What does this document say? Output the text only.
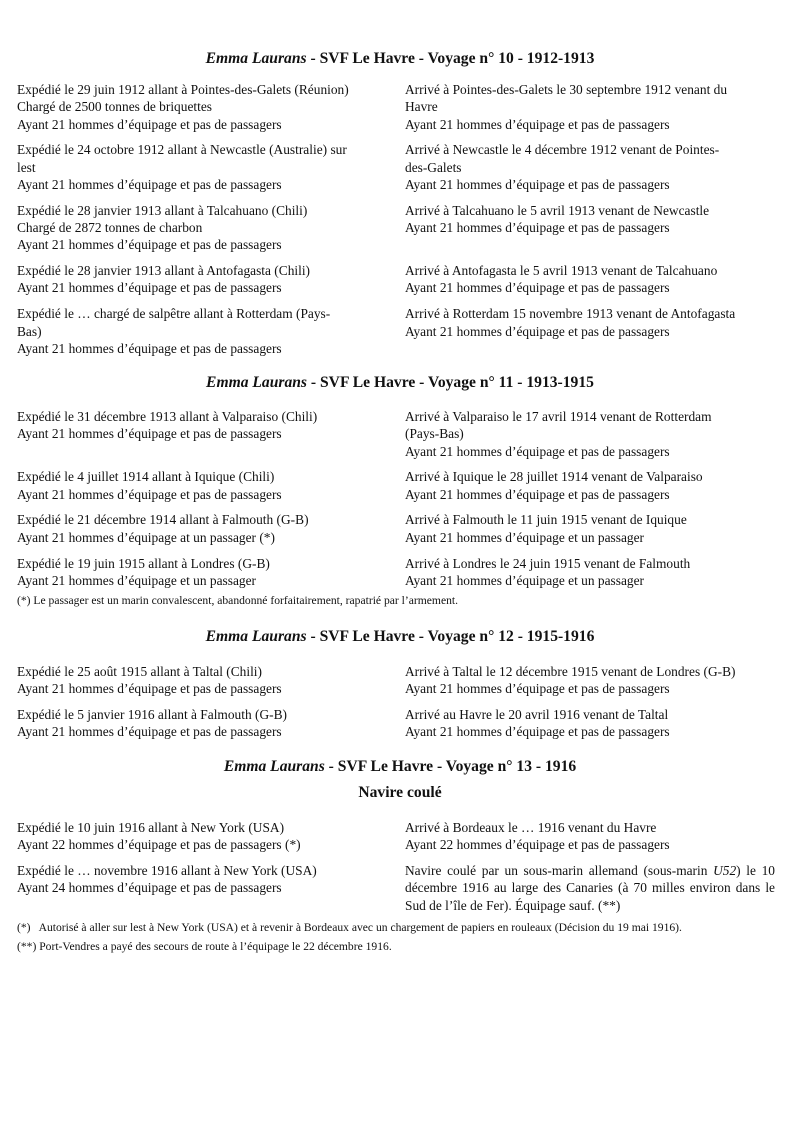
Emma Laurans - SVF Le Havre - Voyage n° 10 - 1912-1913
Expédié le 29 juin 1912 allant à Pointes-des-Galets (Réunion)
Chargé de 2500 tonnes de briquettes
Ayant 21 hommes d’équipage et pas de passagers
Arrivé à Pointes-des-Galets le 30 septembre 1912 venant du
Havre
Ayant 21 hommes d’équipage et pas de passagers
Expédié le 24 octobre 1912 allant à Newcastle (Australie) sur
lest
Ayant 21 hommes d’équipage et pas de passagers
Arrivé à Newcastle le 4 décembre 1912 venant de Pointes-
des-Galets
Ayant 21 hommes d’équipage et pas de passagers
Expédié le 28 janvier 1913 allant à Talcahuano (Chili)
Chargé de 2872 tonnes de charbon
Ayant 21 hommes d’équipage et pas de passagers
Arrivé à Talcahuano le 5 avril 1913 venant de Newcastle
Ayant 21 hommes d’équipage et pas de passagers
Expédié le 28 janvier 1913 allant à Antofagasta (Chili)
Ayant 21 hommes d’équipage et pas de passagers
Arrivé à Antofagasta le 5 avril 1913 venant de Talcahuano
Ayant 21 hommes d’équipage et pas de passagers
Expédié le … chargé de salpêtre allant à Rotterdam (Pays-
Bas)
Ayant 21 hommes d’équipage et pas de passagers
Arrivé à Rotterdam 15 novembre 1913 venant de Antofagasta
Ayant 21 hommes d’équipage et pas de passagers
Emma Laurans - SVF Le Havre - Voyage n° 11 - 1913-1915
Expédié le 31 décembre 1913 allant à Valparaiso (Chili)
Ayant 21 hommes d’équipage et pas de passagers
Arrivé à Valparaiso le 17 avril 1914 venant de Rotterdam
(Pays-Bas)
Ayant 21 hommes d’équipage et pas de passagers
Expédié le 4 juillet 1914 allant à Iquique (Chili)
Ayant 21 hommes d’équipage et pas de passagers
Arrivé à Iquique le 28 juillet 1914 venant de Valparaiso
Ayant 21 hommes d’équipage et pas de passagers
Expédié le 21 décembre 1914 allant à Falmouth (G-B)
Ayant 21 hommes d’équipage at un passager (*)
Arrivé à Falmouth le 11 juin 1915 venant de Iquique
Ayant 21 hommes d’équipage et un passager
Expédié le 19 juin 1915 allant à Londres (G-B)
Ayant 21 hommes d’équipage et un passager
Arrivé à Londres le 24 juin 1915 venant de Falmouth
Ayant 21 hommes d’équipage et un passager
(*) Le passager est un marin convalescent, abandonné forfaitairement, rapatrié par l’armement.
Emma Laurans - SVF Le Havre - Voyage n° 12 - 1915-1916
Expédié le 25 août 1915 allant à Taltal (Chili)
Ayant 21 hommes d’équipage et pas de passagers
Arrivé à Taltal le 12 décembre 1915 venant de Londres (G-B)
Ayant 21 hommes d’équipage et pas de passagers
Expédié le 5 janvier 1916 allant à Falmouth (G-B)
Ayant 21 hommes d’équipage et pas de passagers
Arrivé au Havre le 20 avril 1916 venant de Taltal
Ayant 21 hommes d’équipage et pas de passagers
Emma Laurans - SVF Le Havre - Voyage n° 13 - 1916
Navire coulé
Expédié le 10 juin 1916 allant à New York (USA)
Ayant 22 hommes d’équipage et pas de passagers (*)
Arrivé à Bordeaux le … 1916 venant du Havre
Ayant 22 hommes d’équipage et pas de passagers
Expédié le … novembre 1916 allant à New York (USA)
Ayant 24 hommes d’équipage et pas de passagers
Navire coulé par un sous-marin allemand (sous-marin U52) le 10 décembre 1916 au large des Canaries (à 70 milles environ dans le Sud de l’île de Fer). Équipage sauf. (**)
(*)   Autorisé à aller sur lest à New York (USA) et à revenir à Bordeaux avec un chargement de papiers en rouleaux (Décision du 19 mai 1916).
(**) Port-Vendres a payé des secours de route à l’équipage le 22 décembre 1916.
